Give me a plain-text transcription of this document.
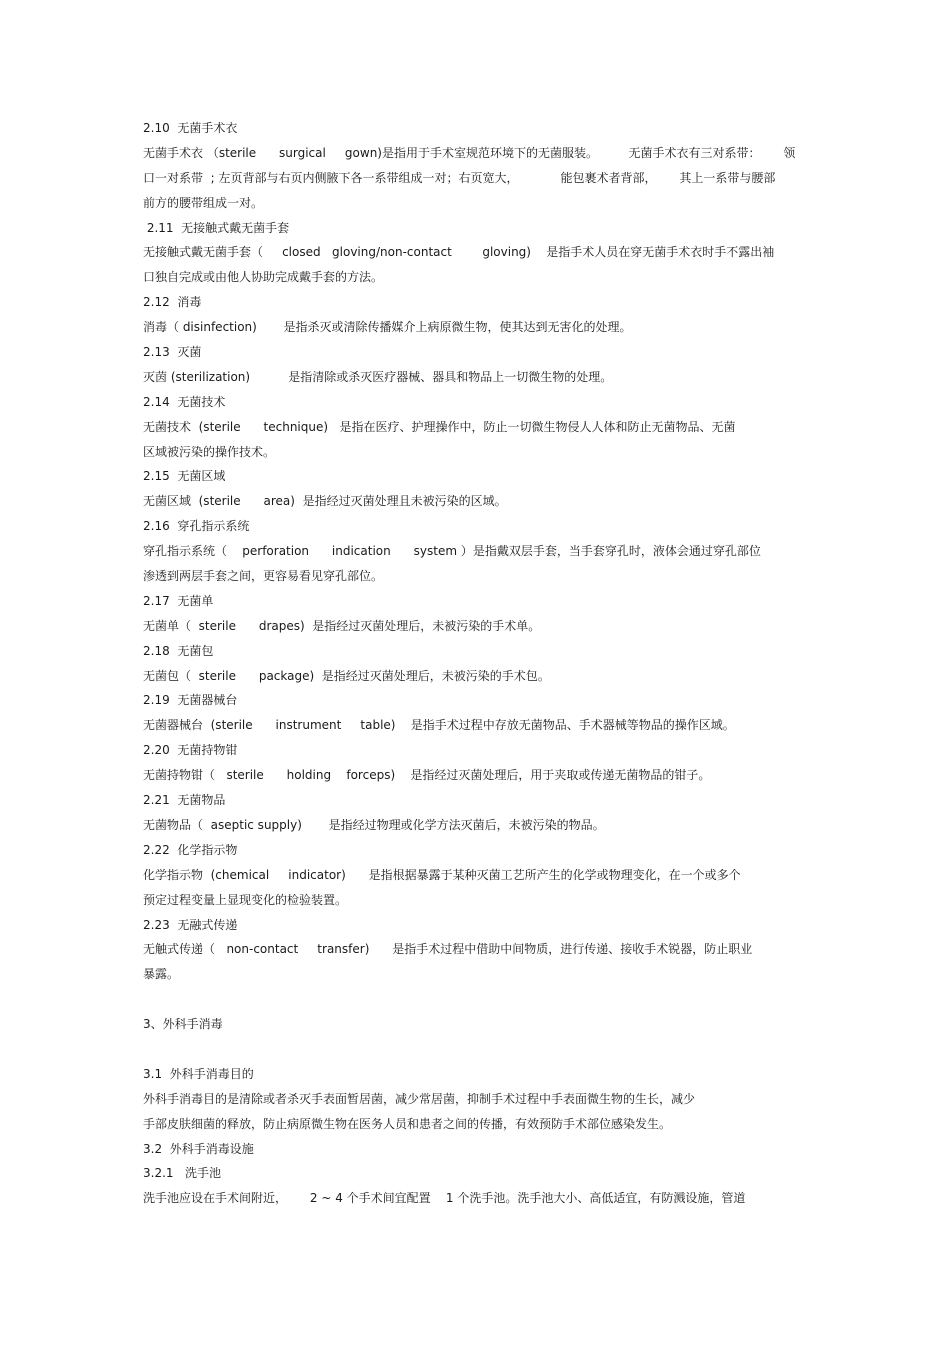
2.10  无菌手术衣
无菌手术衣 （sterile      surgical     gown)是指用于手术室规范环境下的无菌服装。        无菌手术衣有三对系带：      领
口一对系带  ; 左页背部与右页内侧腋下各一系带组成一对；右页宽大，           能包裹术者背部，      其上一系带与腰部
前方的腰带组成一对。
2.11  无接触式戴无菌手套
无接触式戴无菌手套（     closed   gloving/non-contact        gloving)    是指手术人员在穿无菌手术衣时手不露出袖
口独自完成或由他人协助完成戴手套的方法。
2.12  消毒
消毒（ disinfection)       是指杀灭或清除传播媒介上病原微生物，使其达到无害化的处理。
2.13  灭菌
灭茵 (sterilization)          是指清除或杀灭医疗器械、器具和物品上一切微生物的处理。
2.14  无菌技术
无菌技术  (sterile      technique)   是指在医疗、护理操作中，防止一切微生物侵人人体和防止无菌物品、无菌
区域被污染的操作技术。
2.15  无菌区域
无菌区域  (sterile      area)  是指经过灭菌处理且未被污染的区域。
2.16  穿孔指示系统
穿孔指示系统（    perforation      indication      system ）是指戴双层手套，当手套穿孔时，液体会通过穿孔部位
渗透到两层手套之间，更容易看见穿孔部位。
2.17  无菌单
无菌单（  sterile      drapes)  是指经过灭菌处理后，未被污染的手术单。
2.18  无菌包
无菌包（  sterile      package)  是指经过灭菌处理后，未被污染的手术包。
2.19  无菌器械台
无菌器械台  (sterile      instrument     table)    是指手术过程中存放无菌物品、手术器械等物品的操作区域。
2.20  无菌持物钳
无菌持物钳（   sterile      holding    forceps)    是指经过灭菌处理后，用于夹取或传递无菌物品的钳子。
2.21  无菌物品
无菌物品（  aseptic supply)       是指经过物理或化学方法灭菌后，未被污染的物品。
2.22  化学指示物
化学指示物  (chemical     indicator)      是指根据暴露于某种灭菌工艺所产生的化学或物理变化，在一个或多个
预定过程变量上显现变化的检验装置。
2.23  无融式传递
无触式传递（   non-contact     transfer)      是指手术过程中借助中间物质，进行传递、接收手术锐器，防止职业
暴露。
3、外科手消毒
3.1  外科手消毒目的
外科手消毒目的是清除或者杀灭手表面暂居菌，减少常居菌，抑制手术过程中手表面微生物的生长，减少
手部皮肤细菌的释放，防止病原微生物在医务人员和患者之间的传播，有效预防手术部位感染发生。
3.2  外科手消毒设施
3.2.1   洗手池
洗手池应设在手术间附近，      2 ~ 4 个手术间宜配置    1 个洗手池。洗手池大小、高低适宜，有防溅设施，管道
